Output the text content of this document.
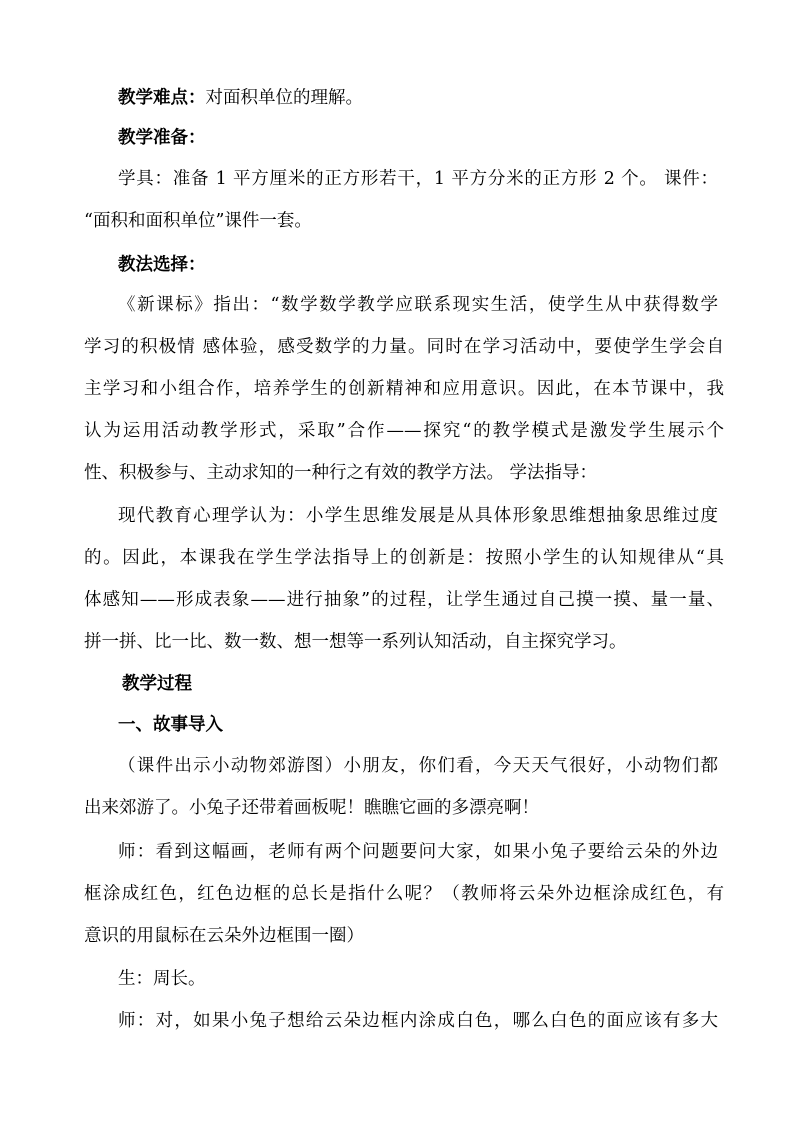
教学难点：对面积单位的理解。
教学准备：
学具：准备 1 平方厘米的正方形若干，1 平方分米的正方形 2 个。 课件：
“面积和面积单位”课件一套。
教法选择：
《新课标》指出：“数学数学教学应联系现实生活，使学生从中获得数学
学习的积极情 感体验，感受数学的力量。同时在学习活动中，要使学生学会自
主学习和小组合作，培养学生的创新精神和应用意识。因此，在本节课中，我
认为运用活动教学形式，采取”合作——探究“的教学模式是激发学生展示个
性、积极参与、主动求知的一种行之有效的教学方法。 学法指导：
现代教育心理学认为：小学生思维发展是从具体形象思维想抽象思维过度
的。因此，本课我在学生学法指导上的创新是：按照小学生的认知规律从“具
体感知——形成表象——进行抽象”的过程，让学生通过自己摸一摸、量一量、
拼一拼、比一比、数一数、想一想等一系列认知活动，自主探究学习。
教学过程
一、故事导入
（课件出示小动物郊游图）小朋友，你们看，今天天气很好，小动物们都
出来郊游了。小兔子还带着画板呢！瞧瞧它画的多漂亮啊！
师：看到这幅画，老师有两个问题要问大家，如果小兔子要给云朵的外边
框涂成红色，红色边框的总长是指什么呢？（教师将云朵外边框涂成红色，有
意识的用鼠标在云朵外边框围一圈）
生：周长。
师：对，如果小兔子想给云朵边框内涂成白色，哪么白色的面应该有多大
